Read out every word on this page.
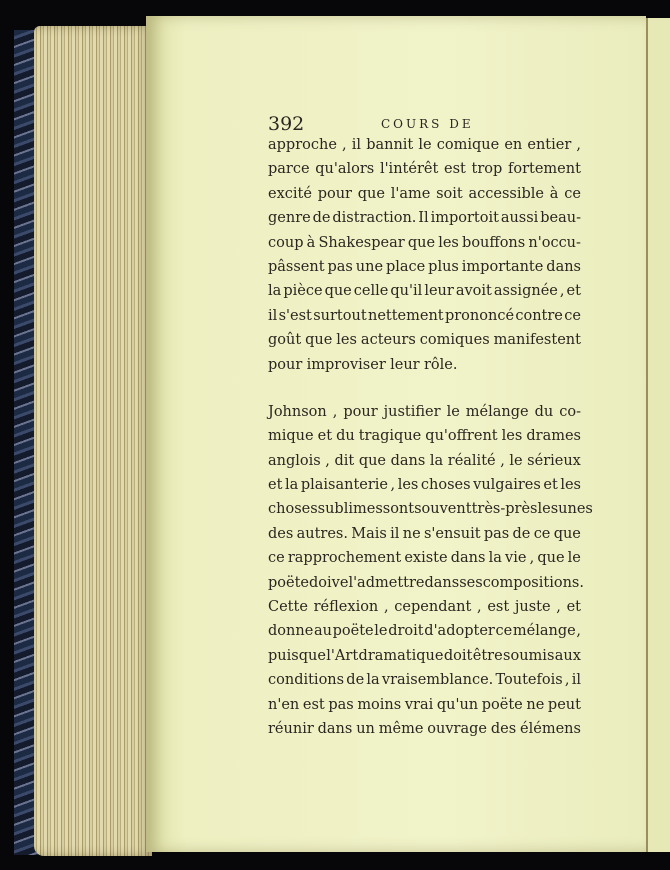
392	COURS DE
approche , il bannit le comique en entier ,
parce qu'alors l'intérêt est trop fortement
excité pour que l'ame soit accessible à ce
genre de distraction. Il importoit aussi beau-
coup à Shakespear que les bouffons n'occu-
pâssent pas une place plus importante dans
la pièce que celle qu'il leur avoit assignée , et
il s'est surtout nettement prononcé contre ce
goût que les acteurs comiques manifestent
pour improviser leur rôle.
Johnson , pour justifier le mélange du co-
mique et du tragique qu'offrent les drames
anglois , dit que dans la réalité , le sérieux
et la plaisanterie , les choses vulgaires et les
choses sublimes sont souvent très-près les unes
des autres. Mais il ne s'ensuit pas de ce que
ce rapprochement existe dans la vie , que le
poëte doive l'admettre dans ses compositions.
Cette réflexion , cependant , est juste , et
donne au poëte le droit d'adopter ce mélange ,
puisque l'Art dramatique doit être soumis aux
conditions de la vraisemblance. Toutefois , il
n'en est pas moins vrai qu'un poëte ne peut
réunir dans un même ouvrage des élémens
